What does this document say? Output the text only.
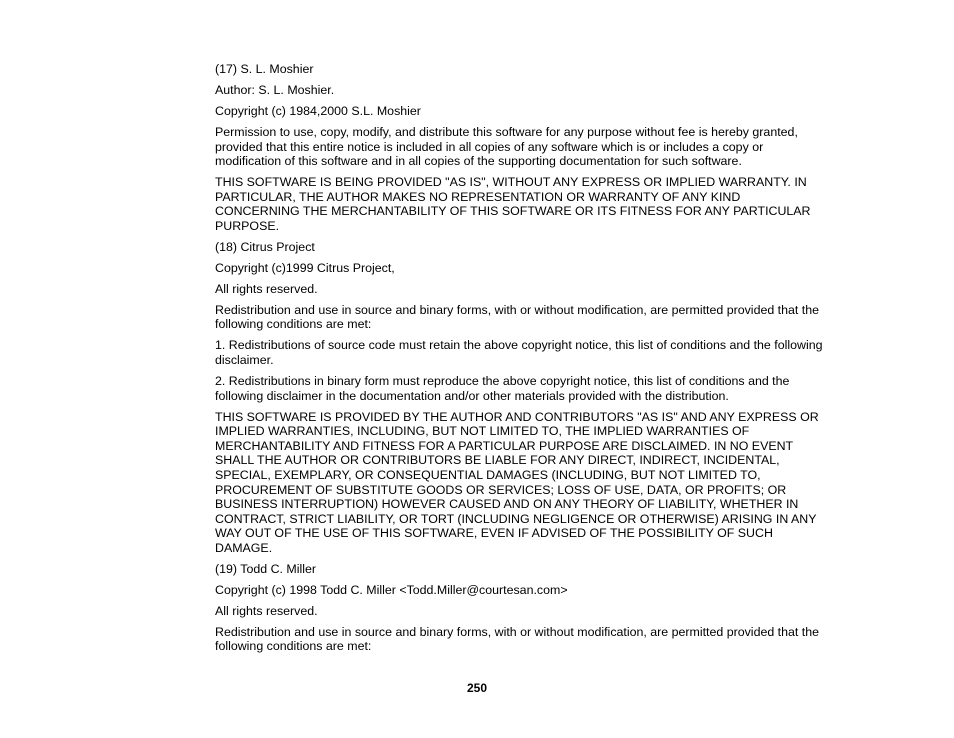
(17) S. L. Moshier

Author: S. L. Moshier.

Copyright (c) 1984,2000 S.L. Moshier

Permission to use, copy, modify, and distribute this software for any purpose without fee is hereby granted, provided that this entire notice is included in all copies of any software which is or includes a copy or modification of this software and in all copies of the supporting documentation for such software.

THIS SOFTWARE IS BEING PROVIDED "AS IS", WITHOUT ANY EXPRESS OR IMPLIED WARRANTY. IN PARTICULAR, THE AUTHOR MAKES NO REPRESENTATION OR WARRANTY OF ANY KIND CONCERNING THE MERCHANTABILITY OF THIS SOFTWARE OR ITS FITNESS FOR ANY PARTICULAR PURPOSE.

(18) Citrus Project

Copyright (c)1999 Citrus Project,

All rights reserved.

Redistribution and use in source and binary forms, with or without modification, are permitted provided that the following conditions are met:

1. Redistributions of source code must retain the above copyright notice, this list of conditions and the following disclaimer.

2. Redistributions in binary form must reproduce the above copyright notice, this list of conditions and the following disclaimer in the documentation and/or other materials provided with the distribution.

THIS SOFTWARE IS PROVIDED BY THE AUTHOR AND CONTRIBUTORS "AS IS" AND ANY EXPRESS OR IMPLIED WARRANTIES, INCLUDING, BUT NOT LIMITED TO, THE IMPLIED WARRANTIES OF MERCHANTABILITY AND FITNESS FOR A PARTICULAR PURPOSE ARE DISCLAIMED. IN NO EVENT SHALL THE AUTHOR OR CONTRIBUTORS BE LIABLE FOR ANY DIRECT, INDIRECT, INCIDENTAL, SPECIAL, EXEMPLARY, OR CONSEQUENTIAL DAMAGES (INCLUDING, BUT NOT LIMITED TO, PROCUREMENT OF SUBSTITUTE GOODS OR SERVICES; LOSS OF USE, DATA, OR PROFITS; OR BUSINESS INTERRUPTION) HOWEVER CAUSED AND ON ANY THEORY OF LIABILITY, WHETHER IN CONTRACT, STRICT LIABILITY, OR TORT (INCLUDING NEGLIGENCE OR OTHERWISE) ARISING IN ANY WAY OUT OF THE USE OF THIS SOFTWARE, EVEN IF ADVISED OF THE POSSIBILITY OF SUCH DAMAGE.

(19) Todd C. Miller

Copyright (c) 1998 Todd C. Miller <Todd.Miller@courtesan.com>

All rights reserved.

Redistribution and use in source and binary forms, with or without modification, are permitted provided that the following conditions are met:

250
